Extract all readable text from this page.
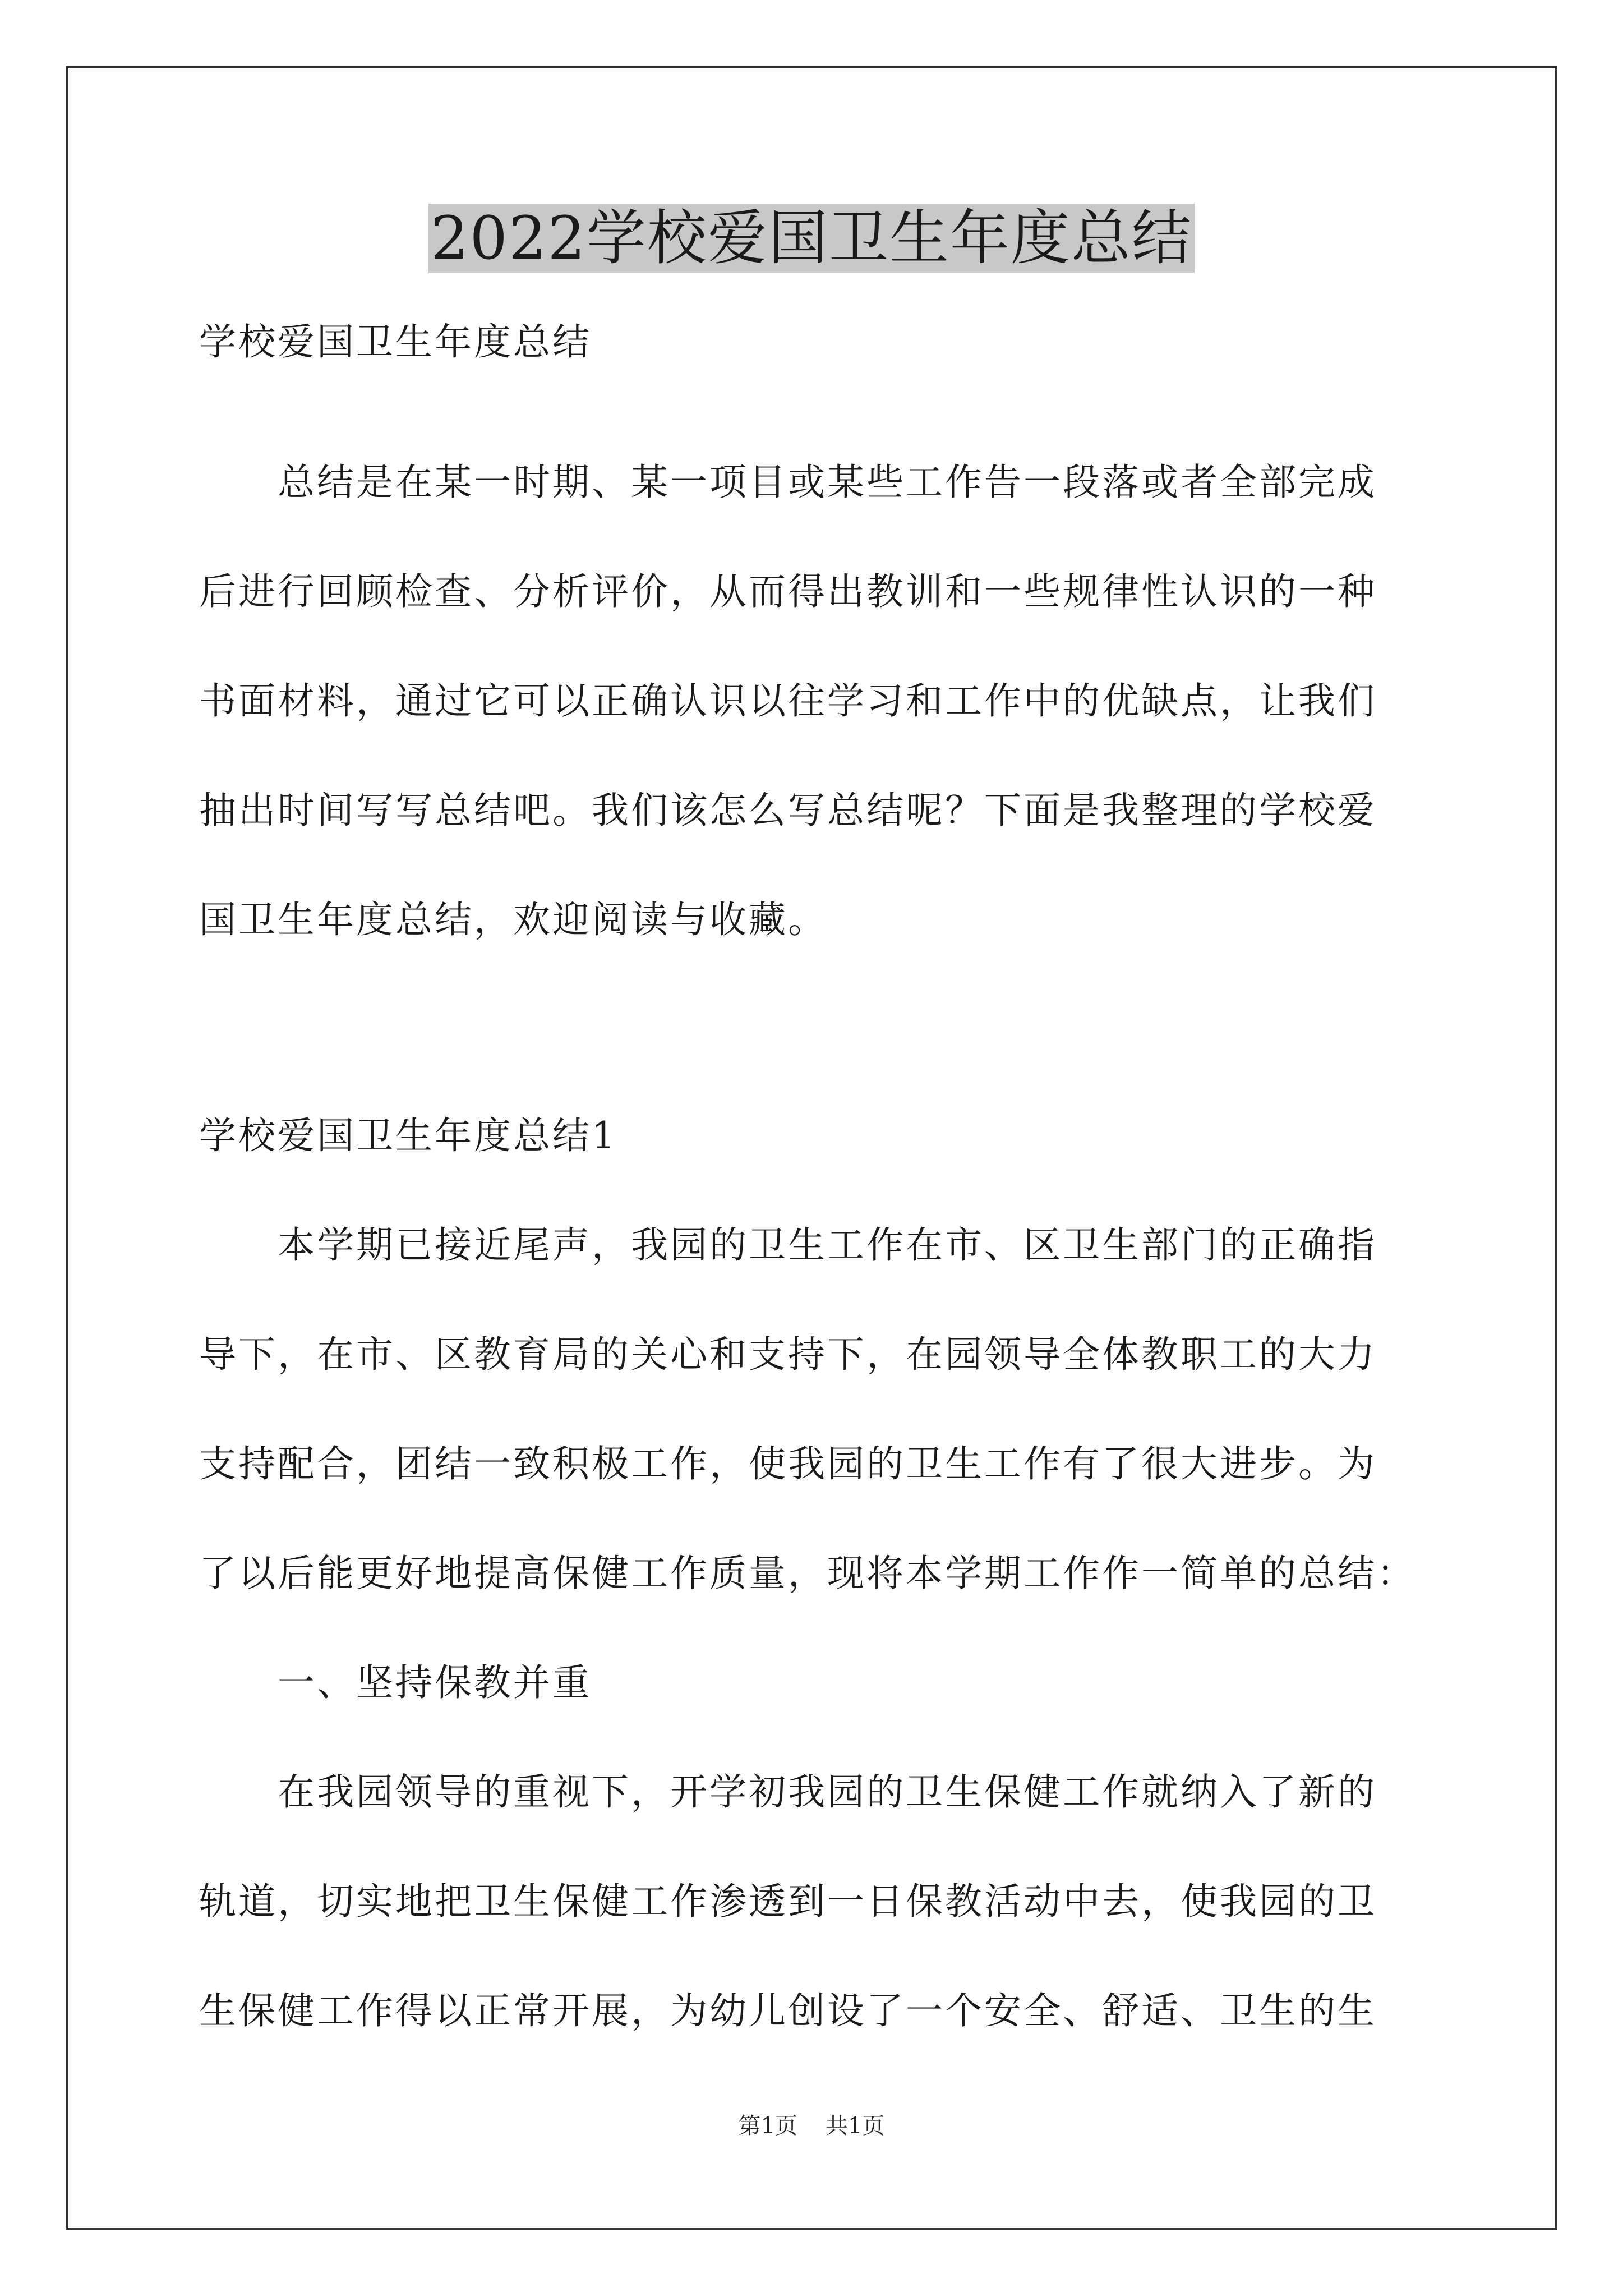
2022学校爱国卫生年度总结

学校爱国卫生年度总结

　　总结是在某一时期、某一项目或某些工作告一段落或者全部完成

后进行回顾检查、分析评价，从而得出教训和一些规律性认识的一种

书面材料，通过它可以正确认识以往学习和工作中的优缺点，让我们

抽出时间写写总结吧。我们该怎么写总结呢？下面是我整理的学校爱

国卫生年度总结，欢迎阅读与收藏。

学校爱国卫生年度总结1

　　本学期已接近尾声，我园的卫生工作在市、区卫生部门的正确指

导下，在市、区教育局的关心和支持下，在园领导全体教职工的大力

支持配合，团结一致积极工作，使我园的卫生工作有了很大进步。为

了以后能更好地提高保健工作质量，现将本学期工作作一简单的总结：

　　一、坚持保教并重

　　在我园领导的重视下，开学初我园的卫生保健工作就纳入了新的

轨道，切实地把卫生保健工作渗透到一日保教活动中去，使我园的卫

生保健工作得以正常开展，为幼儿创设了一个安全、舒适、卫生的生

第1页 共1页
